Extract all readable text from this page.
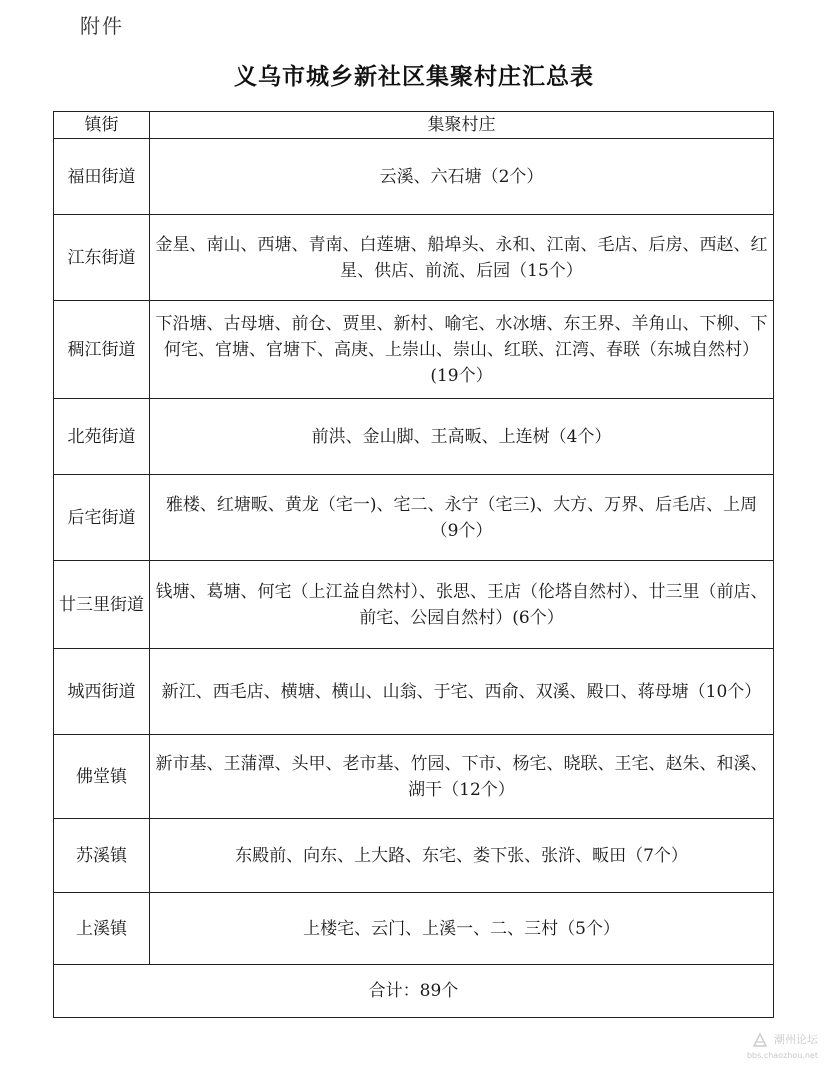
附件
义乌市城乡新社区集聚村庄汇总表
镇街	集聚村庄
福田街道	云溪、六石塘（2个）
江东街道	金星、南山、西塘、青南、白莲塘、船埠头、永和、江南、毛店、后房、西赵、红星、供店、前流、后园（15个）
稠江街道	下沿塘、古母塘、前仓、贾里、新村、喻宅、水冰塘、东王界、羊角山、下柳、下何宅、官塘、官塘下、高庚、上崇山、崇山、红联、江湾、春联（东城自然村）(19个）
北苑街道	前洪、金山脚、王高畈、上连树（4个）
后宅街道	雅楼、红塘畈、黄龙（宅一)、宅二、永宁（宅三)、大方、万界、后毛店、上周（9个）
廿三里街道	钱塘、葛塘、何宅（上江益自然村）、张思、王店（伦塔自然村）、廿三里（前店、前宅、公园自然村）(6个）
城西街道	新江、西毛店、横塘、横山、山翁、于宅、西俞、双溪、殿口、蒋母塘（10个）
佛堂镇	新市基、王蒲潭、头甲、老市基、竹园、下市、杨宅、晓联、王宅、赵朱、和溪、湖干（12个）
苏溪镇	东殿前、向东、上大路、东宅、娄下张、张浒、畈田（7个）
上溪镇	上楼宅、云门、上溪一、二、三村（5个）
合计：89个	
潮州论坛
bbs.chaozhou.net
